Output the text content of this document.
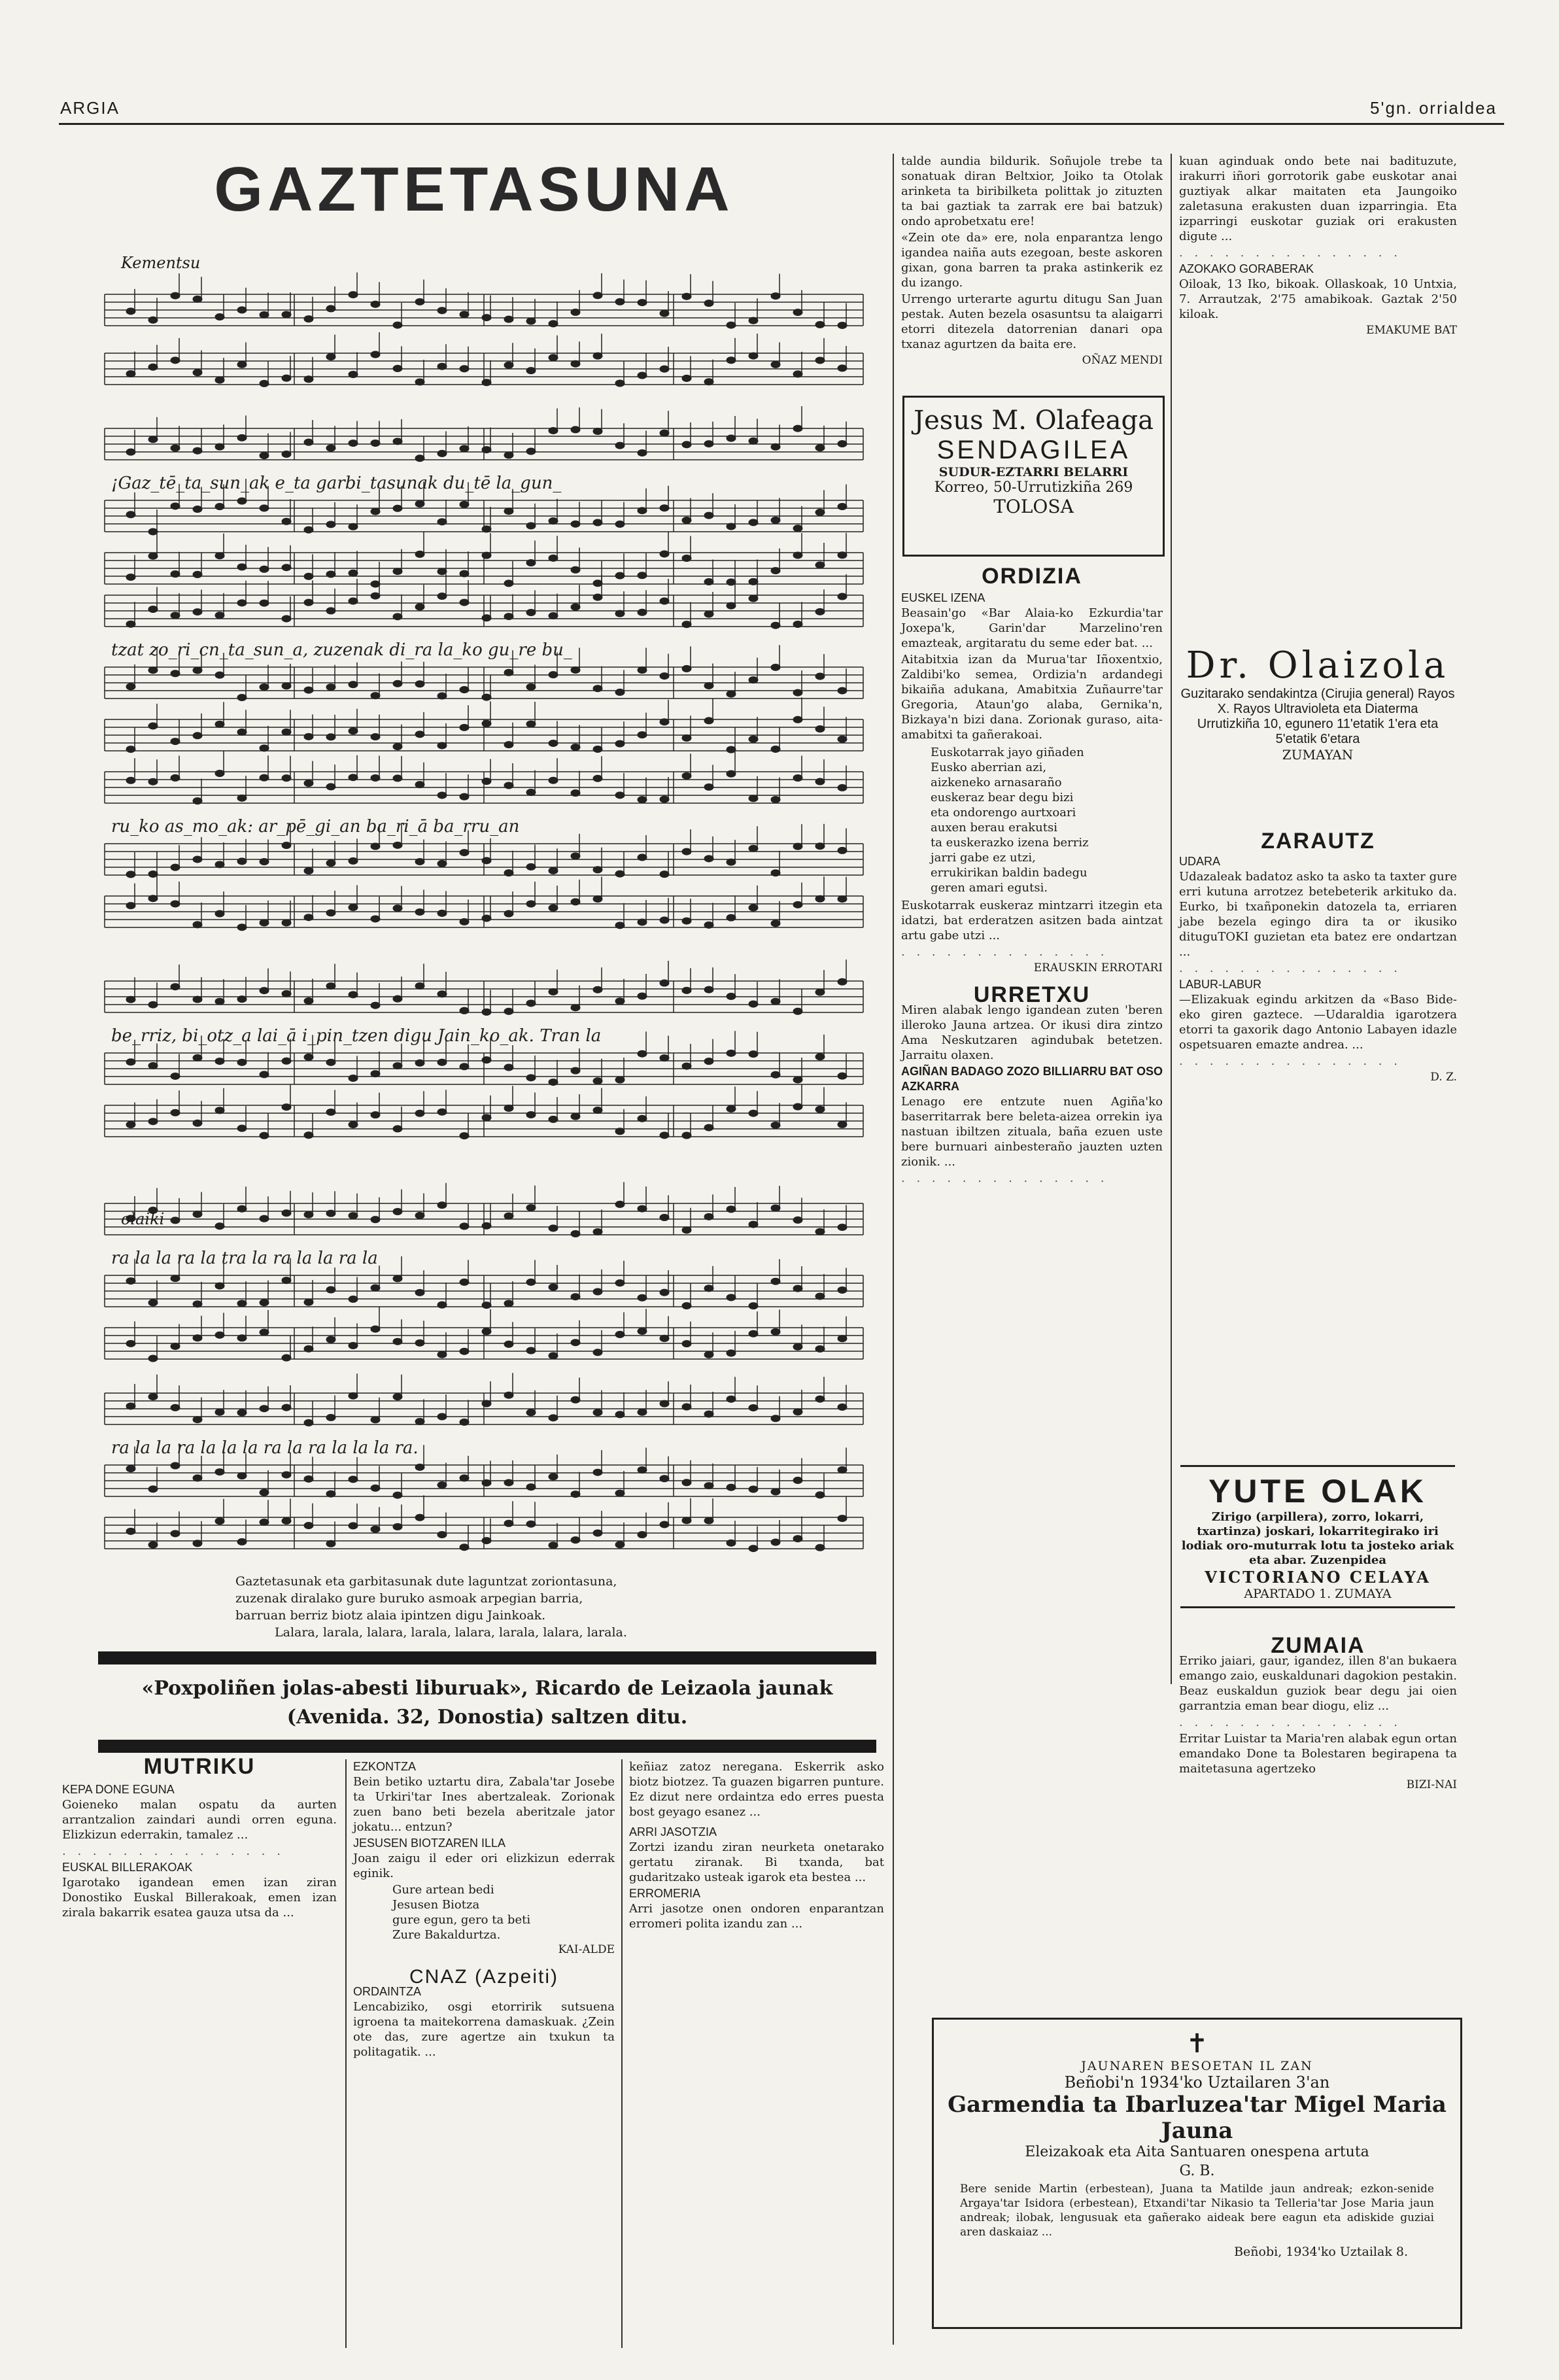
ARGIA	5'gn. orrialdea
GAZTETASUNA
¡Gaz_tē_ta_sun_ak e_ta garbi_tasunak du_tē la_gun_
tzat zo_ri_cn_ta_sun_a, zuzenak di_ra la_ko gu_re bu_
ru_ko as_mo_ak: ar_pē_gi_an ba_ri_ā ba_rru_an
be_rriz, bi_otz_a lai_ā i_pin_tzen digu Jain_ko_ak. Tran la
ra la la ra la tra la ra la la ra la
ra la la ra la la la ra la ra la la la ra.
Kementsu
olaiki
Gaztetasunak eta garbitasunak dute laguntzat zoriontasuna,
zuzenak diralako gure buruko asmoak arpegian barria,
barruan berriz biotz alaia ipintzen digu Jainkoak.
Lalara, larala, lalara, larala, lalara, larala, lalara, larala.
«Poxpoliñen jolas-abesti liburuak», Ricardo de Leizaola jaunak
(Avenida. 32, Donostia) saltzen ditu.
MUTRIKU
KEPA DONE EGUNA

Goieneko malan ospatu da aurten arrantzalion zaindari aundi orren eguna. Elizkizun ederrakin, tamalez ...

. . . . . . . . . . . . . . .

EUSKAL BILLERAKOAK

Igarotako igandean emen izan ziran Donostiko Euskal Billerakoak, emen izan zirala bakarrik esatea gauza utsa da ...

EZKONTZA

Bein betiko uztartu dira, Zabala'tar Josebe ta Urkiri'tar Ines abertzaleak. Zorionak zuen bano beti bezela aberitzale jator jokatu... entzun?

JESUSEN BIOTZAREN ILLA

Joan zaigu il eder ori elizkizun ederrak eginik.

Gure artean bedi
Jesusen Biotza
gure egun, gero ta beti
Zure Bakaldurtza.
KAI-ALDE
CNAZ (Azpeiti)
ORDAINTZA

Lencabiziko, osgi etorririk sutsuena igroena ta maitekorrena damaskuak. ¿Zein ote das, zure agertze ain txukun ta politagatik. ...

keñiaz zatoz neregana. Eskerrik asko biotz biotzez. Ta guazen bigarren punture. Ez dizut nere ordaintza edo erres puesta bost geyago esanez ...

ARRI JASOTZIA

Zortzi izandu ziran neurketa onetarako gertatu ziranak. Bi txanda, bat gudaritzako usteak igarok eta bestea ...

ERROMERIA

Arri jasotze onen ondoren enparantzan erromeri polita izandu zan ...

talde aundia bildurik. Soñujole trebe ta sonatuak diran Beltxior, Joiko ta Otolak arinketa ta biribilketa polittak jo zituzten ta bai gaztiak ta zarrak ere bai batzuk) ondo aprobetxatu ere!

«Zein ote da» ere, nola enparantza lengo igandea naiña auts ezegoan, beste askoren gixan, gona barren ta praka astinkerik ez du izango.

Urrengo urterarte agurtu ditugu San Juan pestak. Auten bezela osasuntsu ta alaigarri etorri ditezela datorrenian danari opa txanaz agurtzen da baita ere.

OÑAZ MENDI
Jesus M. Olafeaga
SENDAGILEA
SUDUR-EZTARRI BELARRI
Korreo, 50-Urrutizkiña 269
TOLOSA
ORDIZIA
EUSKEL IZENA

Beasain'go «Bar Alaia-ko Ezkurdia'tar Joxepa'k, Garin'dar Marzelino'ren emazteak, argitaratu du seme eder bat. ...

Aitabitxia izan da Murua'tar Iñoxentxio, Zaldibi'ko semea, Ordizia'n ardandegi bikaiña adukana, Amabitxia Zuñaurre'tar Gregoria, Ataun'go alaba, Gernika'n, Bizkaya'n bizi dana. Zorionak guraso, aita-amabitxi ta gañerakoai.

Euskotarrak jayo giñaden
Eusko aberrian azi,
aizkeneko arnasaraño
euskeraz bear degu bizi
eta ondorengo aurtxoari
auxen berau erakutsi
ta euskerazko izena berriz
jarri gabe ez utzi,
errukirikan baldin badegu
geren amari egutsi.

Euskotarrak euskeraz mintzarri itzegin eta idatzi, bat erderatzen asitzen bada aintzat artu gabe utzi ...

. . . . . . . . . . . . . .

ERAUSKIN ERROTARI
URRETXU

Miren alabak lengo igandean zuten 'beren illeroko Jauna artzea. Or ikusi dira zintzo Ama Neskutzaren agindubak betetzen. Jarraitu olaxen.

AGIÑAN BADAGO ZOZO BILLIARRU BAT OSO AZKARRA

Lenago ere entzute nuen Agiña'ko baserritarrak bere beleta-aizea orrekin iya nastuan ibiltzen zituala, baña ezuen uste bere burnuari ainbesteraño jauzten uzten zionik. ...

. . . . . . . . . . . . . .

kuan aginduak ondo bete nai badituzute, irakurri iñori gorrotorik gabe euskotar anai guztiyak alkar maitaten eta Jaungoiko zaletasuna erakusten duan izparringia. Eta izparringi euskotar guziak ori erakusten digute ...

. . . . . . . . . . . . . . .

AZOKAKO GORABERAK

Oiloak, 13 Iko, bikoak. Ollaskoak, 10 Untxia, 7. Arrautzak, 2'75 amabikoak. Gaztak 2'50 kiloak.

EMAKUME BAT
Dr. Olaizola
Guzitarako sendakintza (Cirujia general) Rayos X. Rayos Ultravioleta eta Diaterma
Urrutizkiña 10, egunero 11'etatik 1'era eta 5'etatik 6'etara
ZUMAYAN
ZARAUTZ
UDARA

Udazaleak badatoz asko ta asko ta taxter gure erri kutuna arrotzez betebeterik arkituko da. Eurko, bi txañponekin datozela ta, erriaren jabe bezela egingo dira ta or ikusiko dituguTOKI guzietan eta batez ere ondartzan ...

. . . . . . . . . . . . . . .

LABUR-LABUR

—Elizakuak egindu arkitzen da «Baso Bide-eko giren gaztece. —Udaraldia igarotzera etorri ta gaxorik dago Antonio Labayen idazle ospetsuaren emazte andrea. ...

. . . . . . . . . . . . . . .

D. Z.
YUTE OLAK
Zirigo (arpillera), zorro, lokarri, txartinza) joskari, lokarritegirako iri lodiak oro-muturrak lotu ta josteko ariak eta abar. Zuzenpidea
VICTORIANO CELAYA
APARTADO 1. ZUMAYA
ZUMAIA

Erriko jaiari, gaur, igandez, illen 8'an bukaera emango zaio, euskaldunari dagokion pestakin. Beaz euskaldun guziok bear degu jai oien garrantzia eman bear diogu, eliz ...

. . . . . . . . . . . . . . .

Erritar Luistar ta Maria'ren alabak egun ortan emandako Done ta Bolestaren begirapena ta maitetasuna agertzeko

BIZI-NAI
✝
JAUNAREN BESOETAN IL ZAN
Beñobi'n 1934'ko Uztailaren 3'an
Garmendia ta Ibarluzea'tar Migel Maria Jauna
Eleizakoak eta Aita Santuaren onespena artuta
G. B.
Bere senide Martin (erbestean), Juana ta Matilde jaun andreak; ezkon-senide Argaya'tar Isidora (erbestean), Etxandi'tar Nikasio ta Telleria'tar Jose Maria jaun andreak; ilobak, lengusuak eta gañerako aideak bere eagun eta adiskide guziai aren daskaiaz ...
Beñobi, 1934'ko Uztailak 8.
